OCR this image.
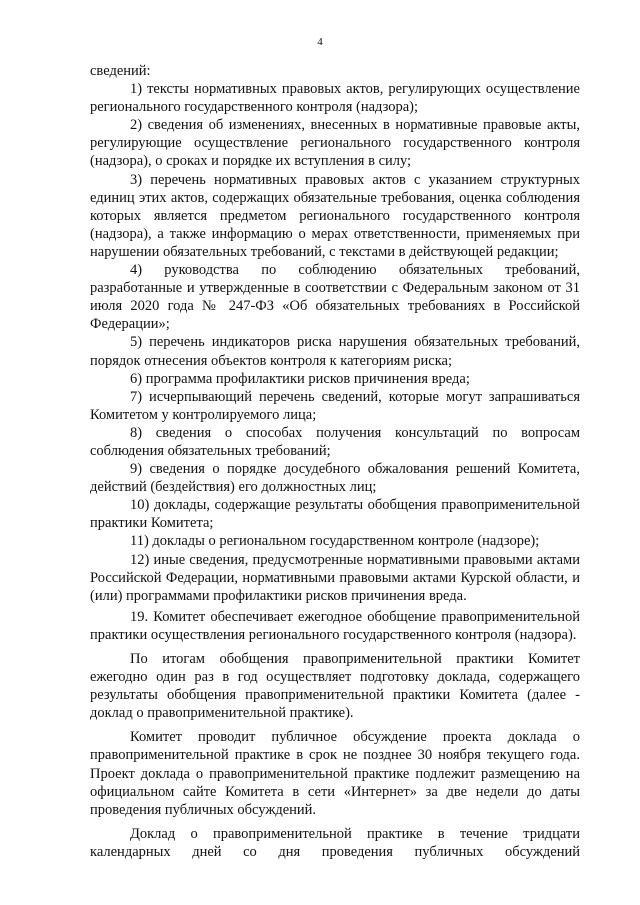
4

сведений:

1) тексты нормативных правовых актов, регулирующих осуществление регионального государственного контроля (надзора);

2) сведения об изменениях, внесенных в нормативные правовые акты, регулирующие осуществление регионального государственного контроля (надзора), о сроках и порядке их вступления в силу;

3) перечень нормативных правовых актов с указанием структурных единиц этих актов, содержащих обязательные требования, оценка соблюдения которых является предметом регионального государственного контроля (надзора), а также информацию о мерах ответственности, применяемых при нарушении обязательных требований, с текстами в действующей редакции;

4) руководства по соблюдению обязательных требований, разработанные и утвержденные в соответствии с Федеральным законом от 31 июля 2020 года № 247-ФЗ «Об обязательных требованиях в Российской Федерации»;

5) перечень индикаторов риска нарушения обязательных требований, порядок отнесения объектов контроля к категориям риска;

6) программа профилактики рисков причинения вреда;

7) исчерпывающий перечень сведений, которые могут запрашиваться Комитетом у контролируемого лица;

8) сведения о способах получения консультаций по вопросам соблюдения обязательных требований;

9) сведения о порядке досудебного обжалования решений Комитета, действий (бездействия) его должностных лиц;

10) доклады, содержащие результаты обобщения правоприменительной практики Комитета;

11) доклады о региональном государственном контроле (надзоре);

12) иные сведения, предусмотренные нормативными правовыми актами Российской Федерации, нормативными правовыми актами Курской области, и (или) программами профилактики рисков причинения вреда.

19. Комитет обеспечивает ежегодное обобщение правоприменительной практики осуществления регионального государственного контроля (надзора).

По итогам обобщения правоприменительной практики Комитет ежегодно один раз в год осуществляет подготовку доклада, содержащего результаты обобщения правоприменительной практики Комитета (далее - доклад о правоприменительной практике).

Комитет проводит публичное обсуждение проекта доклада о правоприменительной практике в срок не позднее 30 ноября текущего года. Проект доклада о правоприменительной практике подлежит размещению на официальном сайте Комитета в сети «Интернет» за две недели до даты проведения публичных обсуждений.

Доклад о правоприменительной практике в течение тридцати календарных дней со дня проведения публичных обсуждений
